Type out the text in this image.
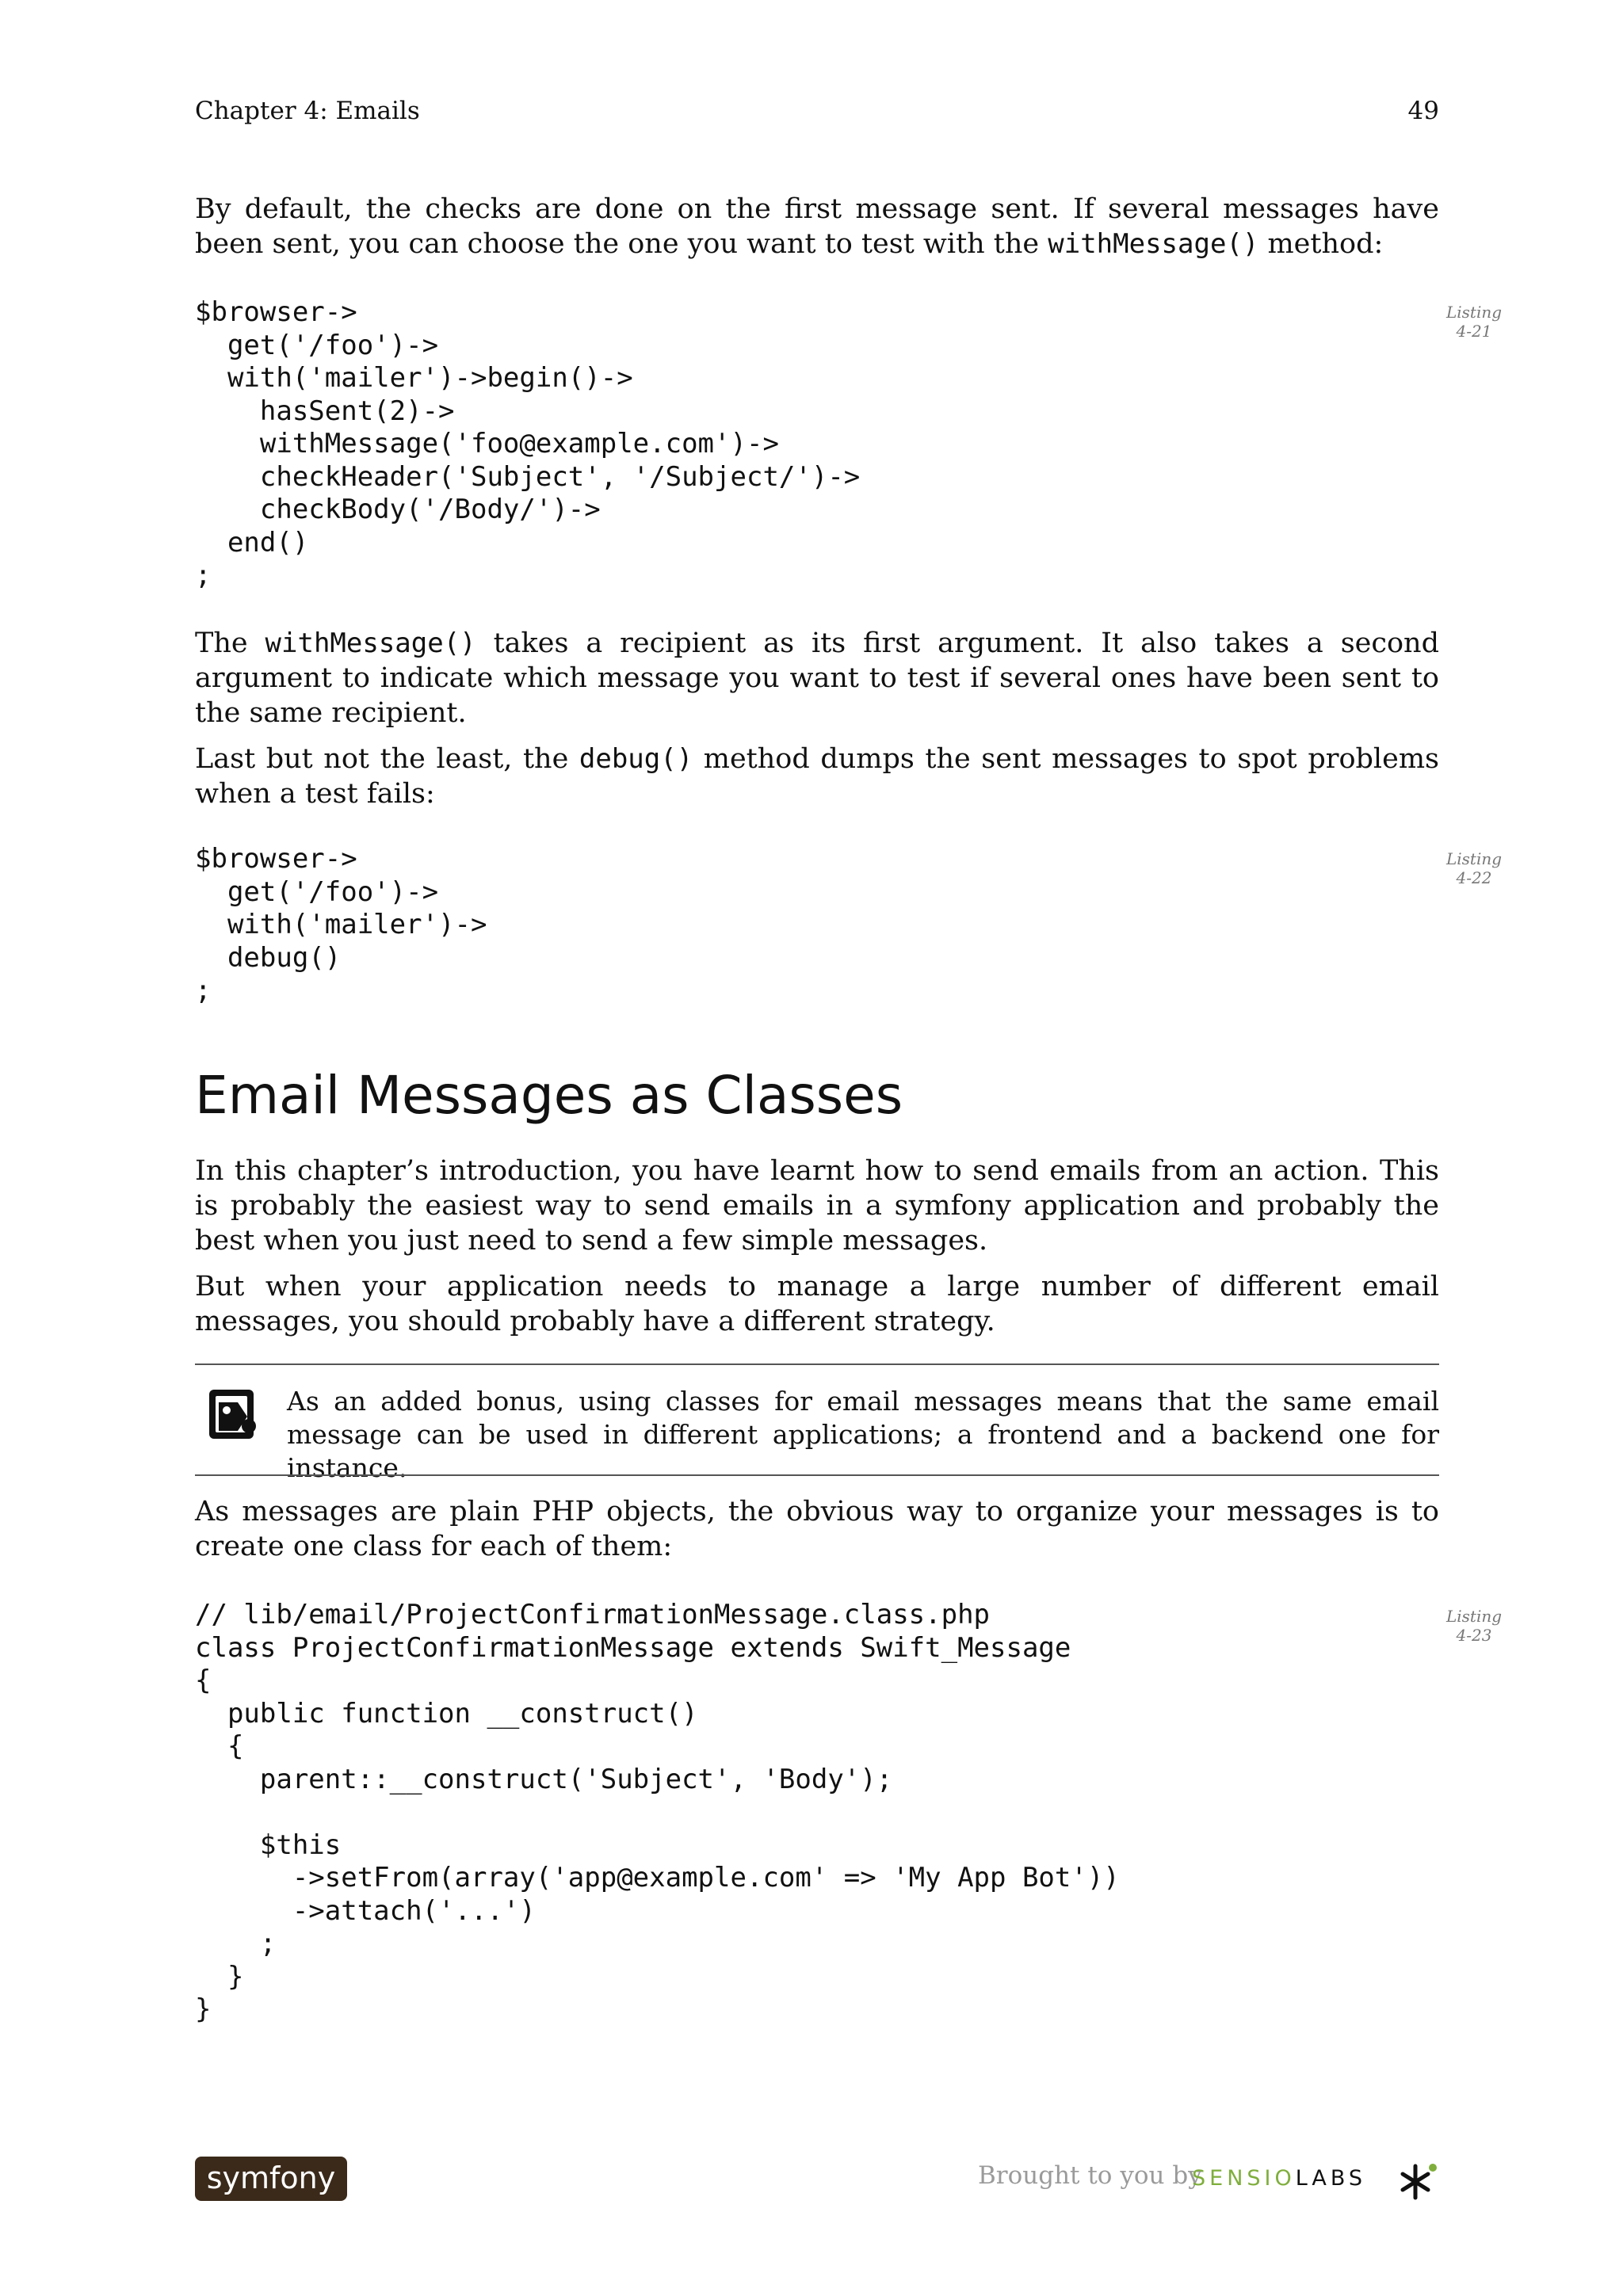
Chapter 4: Emails	49

By default, the checks are done on the first message sent. If several messages have been sent, you can choose the one you want to test with the withMessage() method:

$browser->
get('/foo')->
with('mailer')->begin()->
hasSent(2)->
withMessage('foo@example.com')->
checkHeader('Subject', '/Subject/')->
checkBody('/Body/')->
end()
;
Listing
4-21

The withMessage() takes a recipient as its first argument. It also takes a second argument to indicate which message you want to test if several ones have been sent to the same recipient.

Last but not the least, the debug() method dumps the sent messages to spot problems when a test fails:

$browser->
get('/foo')->
with('mailer')->
debug()
;
Listing
4-22
Email Messages as Classes

In this chapter’s introduction, you have learnt how to send emails from an action. This is probably the easiest way to send emails in a symfony application and probably the best when you just need to send a few simple messages.

But when your application needs to manage a large number of different email messages, you should probably have a different strategy.

As an added bonus, using classes for email messages means that the same email message can be used in different applications; a frontend and a backend one for instance.

As messages are plain PHP objects, the obvious way to organize your messages is to create one class for each of them:

// lib/email/ProjectConfirmationMessage.class.php
class ProjectConfirmationMessage extends Swift_Message
{
public function __construct()
{
parent::__construct('Subject', 'Body');

$this
->setFrom(array('app@example.com' => 'My App Bot'))
->attach('...')
;
}
}
Listing
4-23
symfony	Brought to you by
SENSIOLABS
